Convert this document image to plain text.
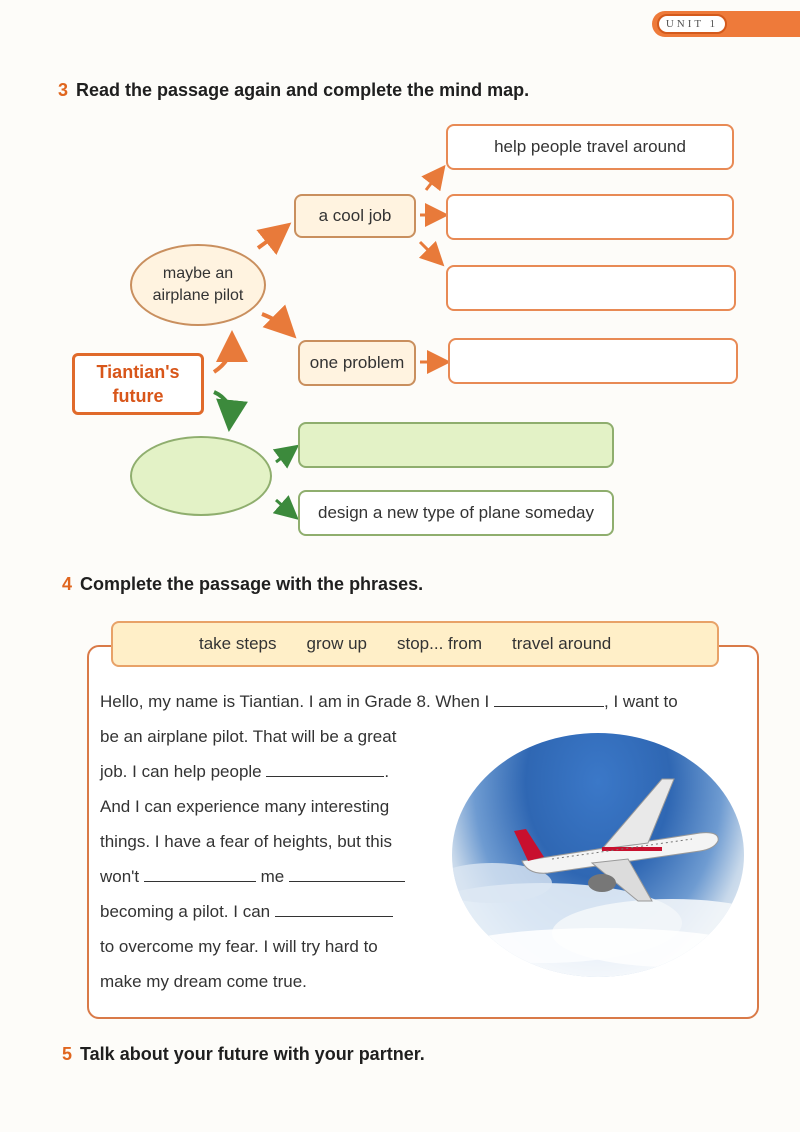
UNIT 1
3 Read the passage again and complete the mind map.
Tiantian's future
maybe an airplane pilot
a cool job
help people travel around
one problem
design a new type of plane someday
4 Complete the passage with the phrases.
take steps grow up stop... from travel around
Hello, my name is Tiantian. I am in Grade 8. When I	, I want to
be an airplane pilot. That will be a great
job. I can help people	.
And I can experience many interesting
things. I have a fear of heights, but this
won't	me
becoming a pilot. I can
to overcome my fear. I will try hard to
make my dream come true.
5 Talk about your future with your partner.
